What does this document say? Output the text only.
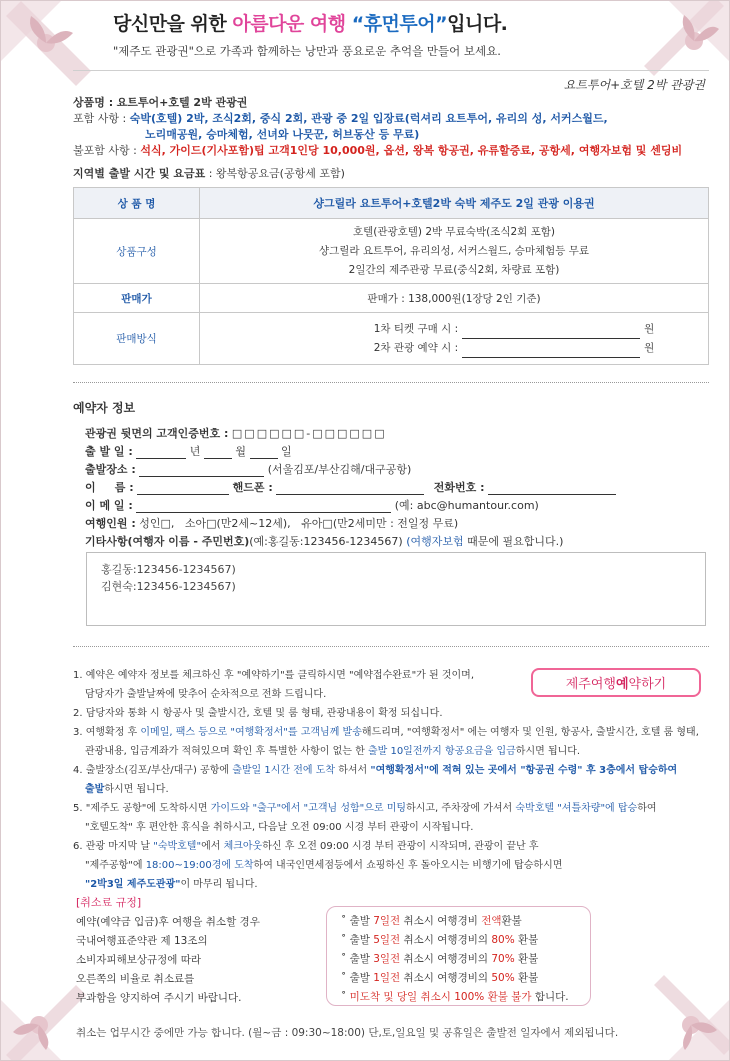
당신만을 위한 아름다운 여행 “휴먼투어”입니다.
"제주도 관광권"으로 가족과 함께하는 낭만과 풍요로운 추억을 만들어 보세요.
요트투어+호텔 2박 관광권
상품명 : 요트투어+호텔 2박 관광권
포함 사항 : 숙박(호텔) 2박, 조식2회, 중식 2회, 관광 중 2일 입장료(럭셔리 요트투어, 유리의 성, 서커스월드,
노리매공원, 승마체험, 선녀와 나뭇꾼, 허브동산 등 무료)
불포함 사항 : 석식, 가이드(기사포함)팁 고객1인당 10,000원, 옵션, 왕복 항공권, 유류할증료, 공항세, 여행자보험 및 센딩비
지역별 출발 시간 및 요금표 : 왕복항공요금(공항세 포함)
상 품 명	샹그릴라 요트투어+호텔2박 숙박 제주도 2일 관광 이용권
상품구성	호텔(관광호텔) 2박 무료숙박(조식2회 포함)
샹그릴라 요트투어, 유리의성, 서커스월드, 승마체험등 무료
2일간의 제주관광 무료(중식2회, 차량료 포함)

판매가	판매가 : 138,000원(1장당 2인 기준)
판매방식	1차 티켓 구매 시 : 원
2차 관광 예약 시 : 원
예약자 정보
관광권 뒷면의 고객인증번호 : □□□□□□-□□□□□□
출 발 일 :	년	월	일
출발장소 :	(서울김포/부산김해/대구공항)
이     름 :	핸드폰 :	전화번호 :
이 메 일 :	(예: abc@humantour.com)
여행인원 : 성인□,   소아□(만2세~12세),   유아□(만2세미만 : 전일정 무료)
기타사항(여행자 이름 - 주민번호)(예:홍길동:123456-1234567) (여행자보험 때문에 필요합니다.)
홍길동:123456-1234567)
김현숙:123456-1234567)
1. 예약은 예약자 정보를 체크하신 후 "예약하기"를 클릭하시면 "예약접수완료"가 된 것이며,
담당자가 출발날짜에 맞추어 순차적으로 전화 드립니다.
2. 담당자와 통화 시 항공사 및 출발시간, 호텔 및 룸 형태, 관광내용이 확정 되십니다.
3. 여행확정 후 이메일, 팩스 등으로 "여행확정서"를 고객님께 발송해드리며, "여행확정서" 에는 여행자 및 인원, 항공사, 출발시간, 호텔 룸 형태,
관광내용, 입금계좌가 적혀있으며 확인 후 특별한 사항이 없는 한 출발 10일전까지 항공요금을 입금하시면 됩니다.
4. 출발장소(김포/부산/대구) 공항에 출발일 1시간 전에 도착 하셔서 "여행확정서"에 적혀 있는 곳에서 "항공권 수령" 후 3층에서 탑승하여
출발하시면 됩니다.
5. "제주도 공항"에 도착하시면 가이드와 "출구"에서 "고객님 성함"으로 미팅하시고, 주차장에 가셔서 숙박호텔 "셔틀차량"에 탑승하여
"호텔도착" 후 편안한 휴식을 취하시고, 다음날 오전 09:00 시경 부터 관광이 시작됩니다.
6. 관광 마지막 날 "숙박호텔"에서 체크아웃하신 후 오전 09:00 시경 부터 관광이 시작되며, 관광이 끝난 후
"제주공항"에 18:00~19:00경에 도착하여 내국인면세점등에서 쇼핑하신 후 돌아오시는 비행기에 탑승하시면
"2박3일 제주도관광"이 마무리 됩니다.
제주여행 예 약하기
[취소료 규정]
예약(예약금 입금)후 여행을 취소할 경우
국내여행표준약관 제 13조의
소비자피해보상규정에 따라
오른쪽의 비율로 취소료를
부과함을 양지하여 주시기 바랍니다.
˚ 출발 7일전 취소시 여행경비 전액환불
˚ 출발 5일전 취소시 여행경비의 80% 환불
˚ 출발 3일전 취소시 여행경비의 70% 환불
˚ 출발 1일전 취소시 여행경비의 50% 환불
˚ 미도착 및 당일 취소시 100% 환불 불가 합니다.
취소는 업무시간 중에만 가능 합니다. (월~금 : 09:30~18:00) 단,토,일요일 및 공휴일은 출발전 일자에서 제외됩니다.
